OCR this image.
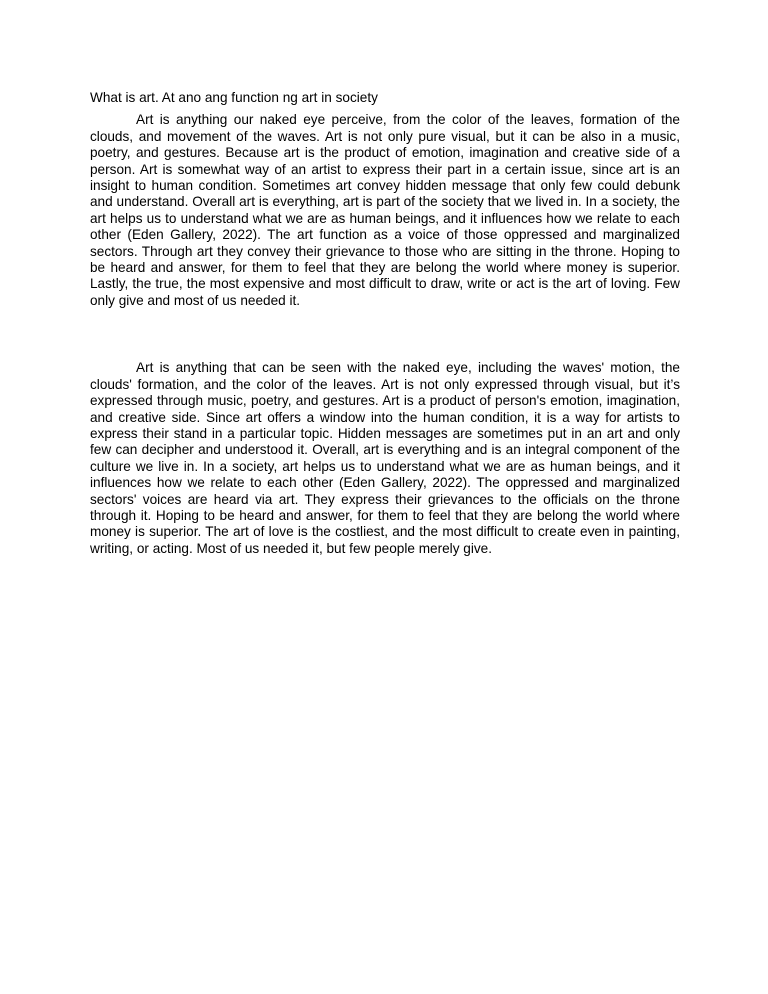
What is art. At ano ang function ng art in society

Art is anything our naked eye perceive, from the color of the leaves, formation of the clouds, and movement of the waves. Art is not only pure visual, but it can be also in a music, poetry, and gestures. Because art is the product of emotion, imagination and creative side of a person. Art is somewhat way of an artist to express their part in a certain issue, since art is an insight to human condition. Sometimes art convey hidden message that only few could debunk and understand. Overall art is everything, art is part of the society that we lived in. In a society, the art helps us to understand what we are as human beings, and it influences how we relate to each other (Eden Gallery, 2022). The art function as a voice of those oppressed and marginalized sectors. Through art they convey their grievance to those who are sitting in the throne. Hoping to be heard and answer, for them to feel that they are belong the world where money is superior. Lastly, the true, the most expensive and most difficult to draw, write or act is the art of loving. Few only give and most of us needed it.

Art is anything that can be seen with the naked eye, including the waves' motion, the clouds' formation, and the color of the leaves. Art is not only expressed through visual, but it’s expressed through music, poetry, and gestures. Art is a product of person's emotion, imagination, and creative side. Since art offers a window into the human condition, it is a way for artists to express their stand in a particular topic. Hidden messages are sometimes put in an art and only few can decipher and understood it. Overall, art is everything and is an integral component of the culture we live in. In a society, art helps us to understand what we are as human beings, and it influences how we relate to each other (Eden Gallery, 2022). The oppressed and marginalized sectors' voices are heard via art. They express their grievances to the officials on the throne through it. Hoping to be heard and answer, for them to feel that they are belong the world where money is superior. The art of love is the costliest, and the most difficult to create even in painting, writing, or acting. Most of us needed it, but few people merely give.
